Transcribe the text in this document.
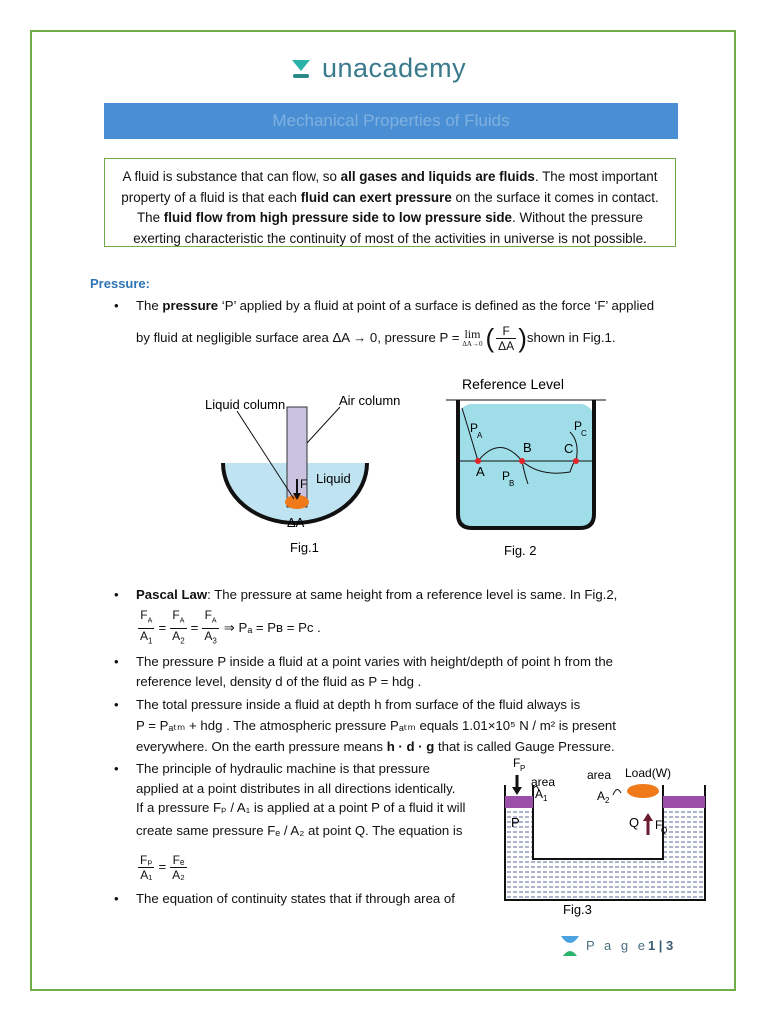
unacademy
Mechanical Properties of Fluids
A fluid is substance that can flow, so all gases and liquids are fluids. The most important property of a fluid is that each fluid can exert pressure on the surface it comes in contact. The fluid flow from high pressure side to low pressure side. Without the pressure exerting characteristic the continuity of most of the activities in universe is not possible.
Pressure:
• The pressure ‘P’ applied by a fluid at point of a surface is defined as the force ‘F’ applied
by fluid at negligible surface area ΔA → 0, pressure P = lim
ΔA→0 ( $\frac{F}{\Delta A}$ ) shown in Fig.1.
Liquid column	Air column
Liquid
F
ΔA
Fig.1
Reference Level
P
A
P
B
P
C
A
B C
Fig. 2
• Pascal Law: The pressure at same height from a reference level is same. In Fig.2,
$\frac{F_A}{A_1} = \frac{F_A}{A_2} = \frac{F_A}{A_3}$ ⇒ Pₐ = Pʙ = Pᴄ .
• The pressure P inside a fluid at a point varies with height/depth of point h from the
reference level, density d of the fluid as P = hdg .
• The total pressure inside a fluid at depth h from surface of the fluid always is
P = Pₐₜₘ + hdg . The atmospheric pressure Pₐₜₘ equals 1.01×10⁵ N / m² is present
everywhere. On the earth pressure means h · d · g that is called Gauge Pressure.
• The principle of hydraulic machine is that pressure
applied at a point distributes in all directions identically.
If a pressure Fₚ / A₁ is applied at a point P of a fluid it will
create same pressure Fₑ / A₂ at point Q. The equation is
$\frac{\text{Fₚ}}{\text{A₁}} = \frac{\text{Fₑ}}{\text{A₂}}$
• The equation of continuity states that if through area of
F P
area
A 1
area
A 2
Load(W)
P	Q F
Q
Fig.3
P a g e 1 | 3
